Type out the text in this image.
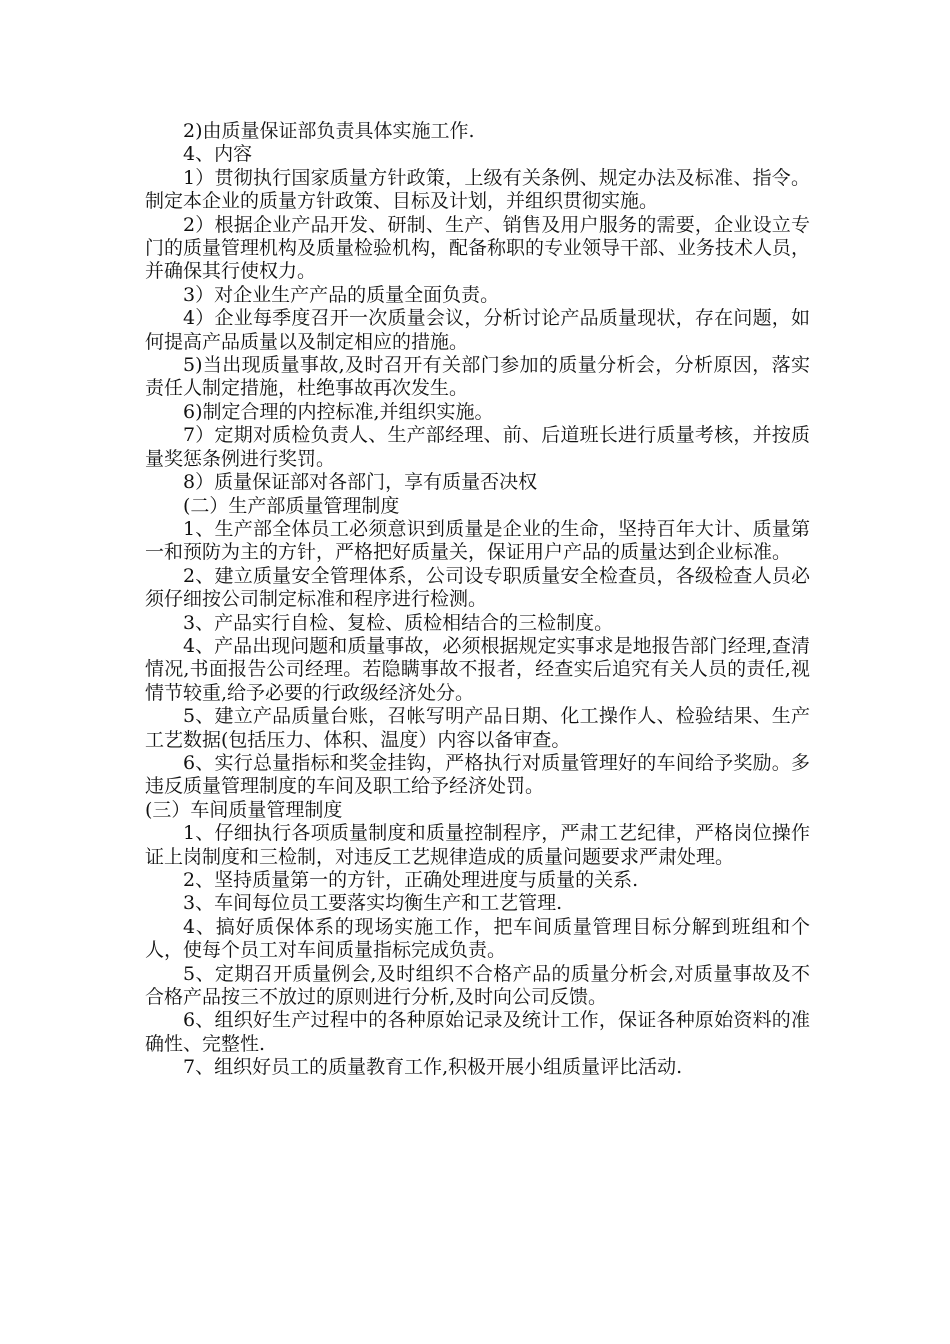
2)由质量保证部负责具体实施工作.

4、内容

1）贯彻执行国家质量方针政策，上级有关条例、规定办法及标准、指令。制定本企业的质量方针政策、目标及计划，并组织贯彻实施。

2）根据企业产品开发、研制、生产、销售及用户服务的需要，企业设立专门的质量管理机构及质量检验机构，配备称职的专业领导干部、业务技术人员，并确保其行使权力。

3）对企业生产产品的质量全面负责。

4）企业每季度召开一次质量会议，分析讨论产品质量现状，存在问题，如何提高产品质量以及制定相应的措施。

5)当出现质量事故,及时召开有关部门参加的质量分析会，分析原因，落实责任人制定措施，杜绝事故再次发生。

6)制定合理的内控标准,并组织实施。

7）定期对质检负责人、生产部经理、前、后道班长进行质量考核，并按质量奖惩条例进行奖罚。

8）质量保证部对各部门，享有质量否决权

(二）生产部质量管理制度

1、生产部全体员工必须意识到质量是企业的生命，坚持百年大计、质量第一和预防为主的方针，严格把好质量关，保证用户产品的质量达到企业标准。

2、建立质量安全管理体系，公司设专职质量安全检查员，各级检查人员必须仔细按公司制定标准和程序进行检测。

3、产品实行自检、复检、质检相结合的三检制度。

4、产品出现问题和质量事故，必须根据规定实事求是地报告部门经理,查清情况,书面报告公司经理。若隐瞒事故不报者，经查实后追究有关人员的责任,视情节较重,给予必要的行政级经济处分。

5、建立产品质量台账，召帐写明产品日期、化工操作人、检验结果、生产工艺数据(包括压力、体积、温度）内容以备审查。

6、实行总量指标和奖金挂钩，严格执行对质量管理好的车间给予奖励。多违反质量管理制度的车间及职工给予经济处罚。

(三）车间质量管理制度

1、仔细执行各项质量制度和质量控制程序，严肃工艺纪律，严格岗位操作证上岗制度和三检制，对违反工艺规律造成的质量问题要求严肃处理。

2、坚持质量第一的方针，正确处理进度与质量的关系.

3、车间每位员工要落实均衡生产和工艺管理.

4、搞好质保体系的现场实施工作，把车间质量管理目标分解到班组和个人，使每个员工对车间质量指标完成负责。

5、定期召开质量例会,及时组织不合格产品的质量分析会,对质量事故及不合格产品按三不放过的原则进行分析,及时向公司反馈。

6、组织好生产过程中的各种原始记录及统计工作，保证各种原始资料的准确性、完整性.

7、组织好员工的质量教育工作,积极开展小组质量评比活动.
